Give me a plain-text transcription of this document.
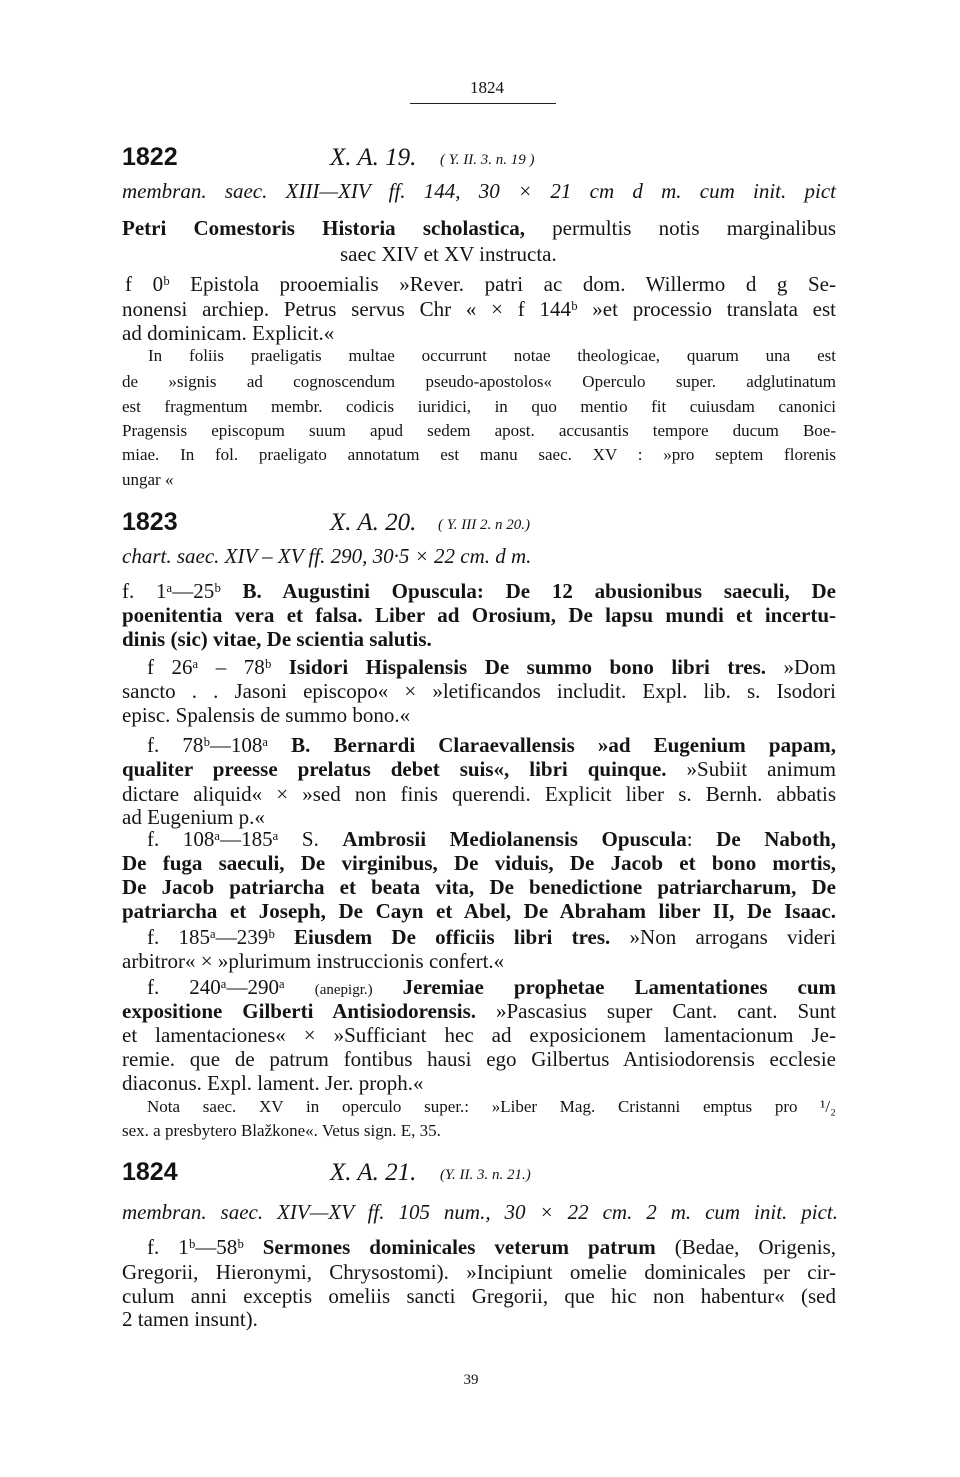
1824
1822	X. A. 19. ( Y. II. 3. n. 19 )
membran. saec. XIII—XIV ff. 144, 30 × 21 cm d m. cum init. pict
Petri Comestoris Historia scholastica, permultis notis marginalibus
saec XIV et XV instructa.
f 0ᵇ Epistola prooemialis »Rever. patri ac dom. Willermo d g Se-
nonensi archiep. Petrus servus Chr « × f 144ᵇ »et processio translata est
ad dominicam. Explicit.«
In foliis praeligatis multae occurrunt notae theologicae, quarum una est
de »signis ad cognoscendum pseudo-apostolos« Operculo super. adglutinatum
est fragmentum membr. codicis iuridici, in quo mentio fit cuiusdam canonici
Pragensis episcopum suum apud sedem apost. accusantis tempore ducum Boe-
miae. In fol. praeligato annotatum est manu saec. XV : »pro septem florenis
ungar «
1823	X. A. 20. ( Y. III 2. n 20.)
chart. saec. XIV – XV ff. 290, 30·5 × 22 cm. d m.
f. 1ᵃ—25ᵇ B. Augustini Opuscula: De 12 abusionibus saeculi, De
poenitentia vera et falsa. Liber ad Orosium, De lapsu mundi et incertu-
dinis (sic) vitae, De scientia salutis.
f 26ᵃ – 78ᵇ Isidori Hispalensis De summo bono libri tres. »Dom
sancto . . Jasoni episcopo« × »letificandos includit. Expl. lib. s. Isodori
episc. Spalensis de summo bono.«
f. 78ᵇ—108ᵃ B. Bernardi Claraevallensis »ad Eugenium papam,
qualiter preesse prelatus debet suis«, libri quinque. »Subiit animum
dictare aliquid« × »sed non finis querendi. Explicit liber s. Bernh. abbatis
ad Eugenium p.«
f. 108ᵃ—185ᵃ S. Ambrosii Mediolanensis Opuscula: De Naboth,
De fuga saeculi, De virginibus, De viduis, De Jacob et bono mortis,
De Jacob patriarcha et beata vita, De benedictione patriarcharum, De
patriarcha et Joseph, De Cayn et Abel, De Abraham liber II, De Isaac.
f. 185ᵃ—239ᵇ Eiusdem De officiis libri tres. »Non arrogans videri
arbitror« × »plurimum instruccionis confert.«
f. 240ᵃ—290ᵃ (anepigr.) Jeremiae prophetae Lamentationes cum
expositione Gilberti Antisiodorensis. »Pascasius super Cant. cant. Sunt
et lamentaciones« × »Sufficiant hec ad exposicionem lamentacionum Je-
remie. que de patrum fontibus hausi ego Gilbertus Antisiodorensis ecclesie
diaconus. Expl. lament. Jer. proph.«
Nota saec. XV in operculo super.: »Liber Mag. Cristanni emptus pro ¹/₂
sex. a presbytero Blažkone«. Vetus sign. E, 35.
1824	X. A. 21. (Y. II. 3. n. 21.)
membran. saec. XIV—XV ff. 105 num., 30 × 22 cm. 2 m. cum init. pict.
f. 1ᵇ—58ᵇ Sermones dominicales veterum patrum (Bedae, Origenis,
Gregorii, Hieronymi, Chrysostomi). »Incipiunt omelie dominicales per cir-
culum anni exceptis omeliis sancti Gregorii, que hic non habentur« (sed
2 tamen insunt).
39
